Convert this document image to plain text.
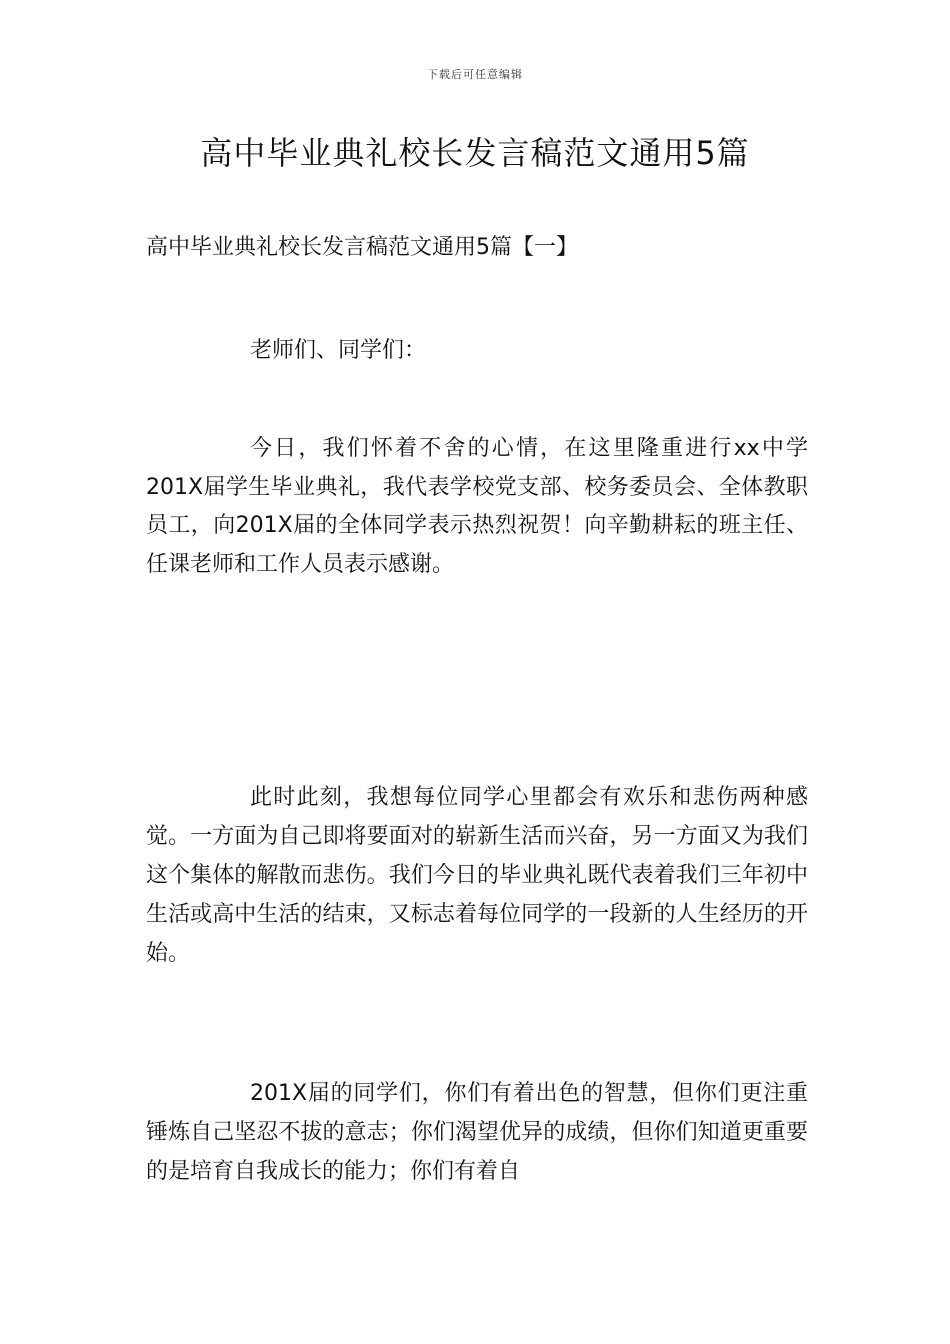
下载后可任意编辑
高中毕业典礼校长发言稿范文通用5篇
高中毕业典礼校长发言稿范文通用5篇【一】

老师们、同学们：

今日，我们怀着不舍的心情，在这里隆重进行xx中学201X届学生毕业典礼，我代表学校党支部、校务委员会、全体教职员工，向201X届的全体同学表示热烈祝贺！向辛勤耕耘的班主任、任课老师和工作人员表示感谢。

此时此刻，我想每位同学心里都会有欢乐和悲伤两种感觉。一方面为自己即将要面对的崭新生活而兴奋，另一方面又为我们这个集体的解散而悲伤。我们今日的毕业典礼既代表着我们三年初中生活或高中生活的结束，又标志着每位同学的一段新的人生经历的开始。

201X届的同学们，你们有着出色的智慧，但你们更注重锤炼自己坚忍不拔的意志；你们渴望优异的成绩，但你们知道更重要的是培育自我成长的能力；你们有着自
